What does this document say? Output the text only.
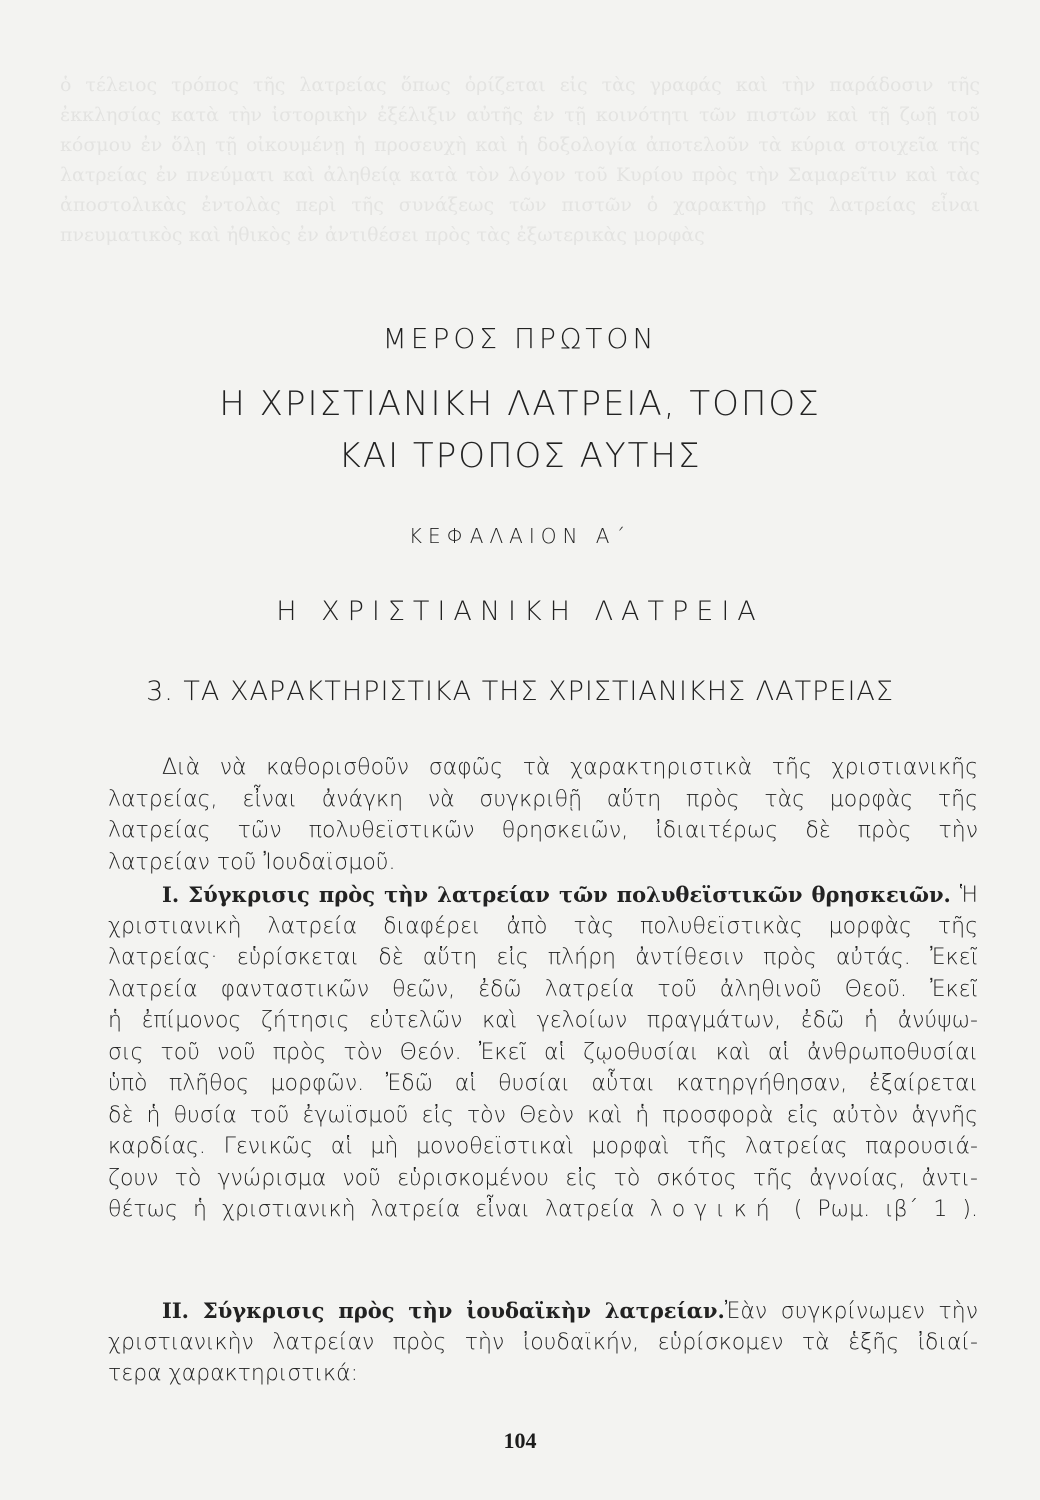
ὁ τέλειος τρόπος τῆς λατρείας ὅπως ὁρίζεται εἰς τὰς γραφάς καὶ τὴν παράδοσιν τῆς ἐκκλησίας κατὰ τὴν ἱστορικὴν ἐξέλιξιν αὐτῆς ἐν τῇ κοινότητι τῶν πιστῶν καὶ τῇ ζωῇ τοῦ κόσμου ἐν ὅλῃ τῇ οἰκουμένῃ ἡ προσευχὴ καὶ ἡ δοξολογία ἀποτελοῦν τὰ κύρια στοιχεῖα τῆς λατρείας ἐν πνεύματι καὶ ἀληθείᾳ κατὰ τὸν λόγον τοῦ Κυρίου πρὸς τὴν Σαμαρεῖτιν καὶ τὰς ἀποστολικὰς ἐντολὰς περὶ τῆς συνάξεως τῶν πιστῶν ὁ χαρακτὴρ τῆς λατρείας εἶναι πνευματικὸς καὶ ἠθικὸς ἐν ἀντιθέσει πρὸς τὰς ἐξωτερικὰς μορφὰς
ΜΕΡΟΣ ΠΡΩΤΟΝ
Η ΧΡΙΣΤΙΑΝΙΚΗ ΛΑΤΡΕΙΑ, ΤΟΠΟΣ
ΚΑΙ ΤΡΟΠΟΣ ΑΥΤΗΣ
ΚΕΦΑΛΑΙΟΝ Α΄
Η ΧΡΙΣΤΙΑΝΙΚΗ ΛΑΤΡΕΙΑ
3. ΤΑ ΧΑΡΑΚΤΗΡΙΣΤΙΚΑ ΤΗΣ ΧΡΙΣΤΙΑΝΙΚΗΣ ΛΑΤΡΕΙΑΣ
Διὰ νὰ καθορισθοῦν σαφῶς τὰ χαρακτηριστικὰ τῆς χριστιανικῆς
λατρείας, εἶναι ἀνάγκη νὰ συγκριθῇ αὕτη πρὸς τὰς μορφὰς τῆς
λατρείας τῶν πολυθεϊστικῶν θρησκειῶν, ἰδιαιτέρως δὲ πρὸς τὴν
λατρείαν τοῦ Ἰουδαϊσμοῦ.
I. Σύγκρισις πρὸς τὴν λατρείαν τῶν πολυθεϊστικῶν θρησκειῶν. Ἡ
χριστιανικὴ λατρεία διαφέρει ἀπὸ τὰς πολυθεϊστικὰς μορφὰς τῆς
λατρείας· εὑρίσκεται δὲ αὕτη εἰς πλήρη ἀντίθεσιν πρὸς αὐτάς. Ἐκεῖ
λατρεία φανταστικῶν θεῶν, ἐδῶ λατρεία τοῦ ἀληθινοῦ Θεοῦ. Ἐκεῖ
ἡ ἐπίμονος ζήτησις εὐτελῶν καὶ γελοίων πραγμάτων, ἐδῶ ἡ ἀνύψω-
σις τοῦ νοῦ πρὸς τὸν Θεόν. Ἐκεῖ αἱ ζῳοθυσίαι καὶ αἱ ἀνθρωποθυσίαι
ὑπὸ πλῆθος μορφῶν. Ἐδῶ αἱ θυσίαι αὗται κατηργήθησαν, ἐξαίρεται
δὲ ἡ θυσία τοῦ ἐγωϊσμοῦ εἰς τὸν Θεὸν καὶ ἡ προσφορὰ εἰς αὐτὸν ἁγνῆς
καρδίας. Γενικῶς αἱ μὴ μονοθεϊστικαὶ μορφαὶ τῆς λατρείας παρουσιά-
ζουν τὸ γνώρισμα νοῦ εὑρισκομένου εἰς τὸ σκότος τῆς ἀγνοίας, ἀντι-
θέτως ἡ χριστιανικὴ λατρεία εἶναι λατρεία λογική ( Ρωμ. ιβ΄ 1 ).
II. Σύγκρισις πρὸς τὴν ἰουδαϊκὴν λατρείαν.Ἐὰν συγκρίνωμεν τὴν
χριστιανικὴν λατρείαν πρὸς τὴν ἰουδαϊκήν, εὑρίσκομεν τὰ ἑξῆς ἰδιαί-
τερα χαρακτηριστικά:
104
